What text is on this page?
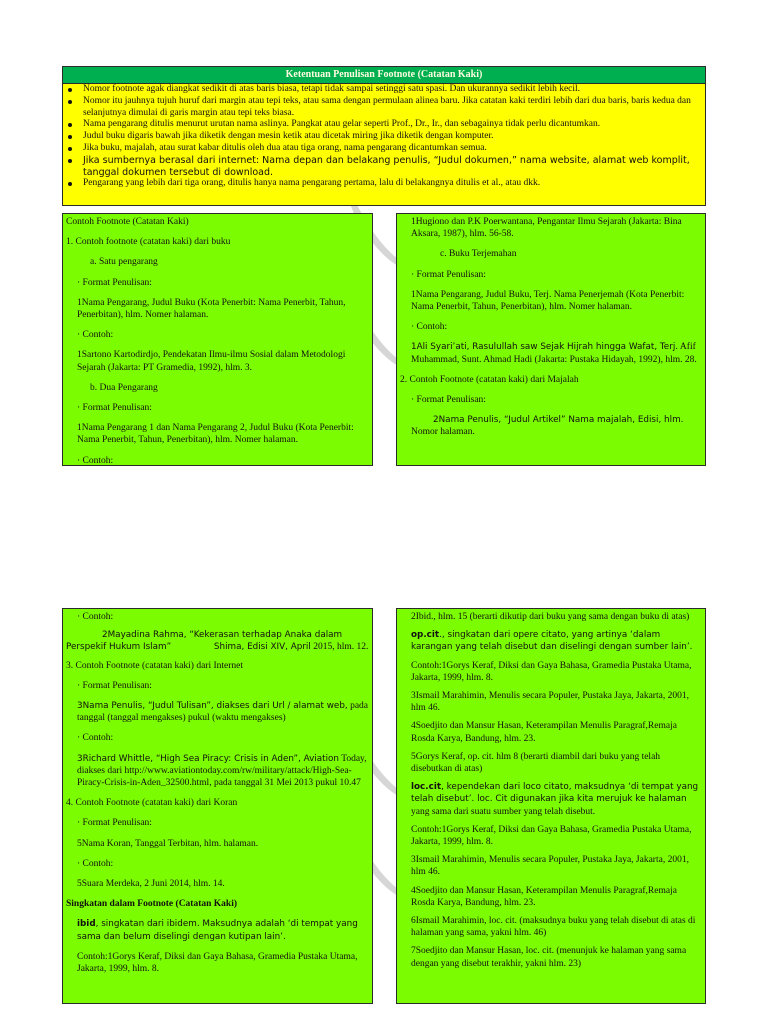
Ketentuan Penulisan Footnote (Catatan Kaki)
Nomor footnote agak diangkat sedikit di atas baris biasa, tetapi tidak sampai setinggi satu spasi. Dan ukurannya sedikit lebih kecil.
Nomor itu jauhnya tujuh huruf dari margin atau tepi teks, atau sama dengan permulaan alinea baru. Jika catatan kaki terdiri lebih dari dua baris, baris kedua dan selanjutnya dimulai di garis margin atau tepi teks biasa.
Nama pengarang ditulis menurut urutan nama aslinya. Pangkat atau gelar seperti Prof., Dr., Ir., dan sebagainya tidak perlu dicantumkan.
Judul buku digaris bawah jika diketik dengan mesin ketik atau dicetak miring jika diketik dengan komputer.
Jika buku, majalah, atau surat kabar ditulis oleh dua atau tiga orang, nama pengarang dicantumkan semua.
Jika sumbernya berasal dari internet: Nama depan dan belakang penulis, “Judul dokumen,” nama website, alamat web komplit, tanggal dokumen tersebut di download.
Pengarang yang lebih dari tiga orang, ditulis hanya nama pengarang pertama, lalu di belakangnya ditulis et al., atau dkk.

Contoh Footnote (Catatan Kaki)

1. Contoh footnote (catatan kaki) dari buku

a. Satu pengarang

· Format Penulisan:

1Nama Pengarang, Judul Buku (Kota Penerbit: Nama Penerbit, Tahun, Penerbitan), hlm. Nomer halaman.

· Contoh:

1Sartono Kartodirdjo, Pendekatan Ilmu-ilmu Sosial dalam Metodologi Sejarah (Jakarta: PT Gramedia, 1992), hlm. 3.

b. Dua Pengarang

· Format Penulisan:

1Nama Pengarang 1 dan Nama Pengarang 2, Judul Buku (Kota Penerbit: Nama Penerbit, Tahun, Penerbitan), hlm. Nomer halaman.

· Contoh:

1Hugiono dan P.K Poerwantana, Pengantar Ilmu Sejarah (Jakarta: Bina Aksara, 1987), hlm. 56-58.

c. Buku Terjemahan

· Format Penulisan:

1Nama Pengarang, Judul Buku, Terj. Nama Penerjemah (Kota Penerbit: Nama Penerbit, Tahun, Penerbitan), hlm. Nomer halaman.

· Contoh:

1Ali Syari’ati, Rasulullah saw Sejak Hijrah hingga Wafat, Terj. Afif Muhammad, Sunt. Ahmad Hadi (Jakarta: Pustaka Hidayah, 1992), hlm. 28.

2. Contoh Footnote (catatan kaki) dari Majalah

· Format Penulisan:

2Nama Penulis, “Judul Artikel” Nama majalah, Edisi, hlm. Nomor halaman.

· Contoh:

2Mayadina Rahma, “Kekerasan terhadap Anaka dalam Perspekif Hukum Islam”	Shima, Edisi XIV, April 2015, hlm. 12.

3. Contoh Footnote (catatan kaki) dari Internet

· Format Penulisan:

3Nama Penulis, “Judul Tulisan”, diakses dari Url / alamat web, pada tanggal (tanggal mengakses) pukul (waktu mengakses)

· Contoh:

3Richard Whittle, “High Sea Piracy: Crisis in Aden”, Aviation Today, diakses dari http://www.aviationtoday.com/rw/military/attack/High-Sea-Piracy-Crisis-in-Aden_32500.html, pada tanggal 31 Mei 2013 pukul 10.47

4. Contoh Footnote (catatan kaki) dari Koran

· Format Penulisan:

5Nama Koran, Tanggal Terbitan, hlm. halaman.

· Contoh:

5Suara Merdeka, 2 Juni 2014, hlm. 14.

Singkatan dalam Footnote (Catatan Kaki)

ibid, singkatan dari ibidem. Maksudnya adalah ‘di tempat yang sama dan belum diselingi dengan kutipan lain’.

Contoh:1Gorys Keraf, Diksi dan Gaya Bahasa, Gramedia Pustaka Utama, Jakarta, 1999, hlm. 8.

2Ibid., hlm. 15 (berarti dikutip dari buku yang sama dengan buku di atas)

op.cit., singkatan dari opere citato, yang artinya ‘dalam karangan yang telah disebut dan diselingi dengan sumber lain’.

Contoh:1Gorys Keraf, Diksi dan Gaya Bahasa, Gramedia Pustaka Utama, Jakarta, 1999, hlm. 8.

3Ismail Marahimin, Menulis secara Populer, Pustaka Jaya, Jakarta, 2001, hlm 46.

4Soedjito dan Mansur Hasan, Keterampilan Menulis Paragraf,Remaja Rosda Karya, Bandung, hlm. 23.

5Gorys Keraf, op. cit. hlm 8 (berarti diambil dari buku yang telah disebutkan di atas)

loc.cit, kependekan dari loco citato, maksudnya ‘di tempat yang telah disebut’. loc. Cit digunakan jika kita merujuk ke halaman yang sama dari suatu sumber yang telah disebut.

Contoh:1Gorys Keraf, Diksi dan Gaya Bahasa, Gramedia Pustaka Utama, Jakarta, 1999, hlm. 8.

3Ismail Marahimin, Menulis secara Populer, Pustaka Jaya, Jakarta, 2001, hlm 46.

4Soedjito dan Mansur Hasan, Keterampilan Menulis Paragraf,Remaja Rosda Karya, Bandung, hlm. 23.

6Ismail Marahimin, loc. cit. (maksudnya buku yang telah disebut di atas di halaman yang sama, yakni hlm. 46)

7Soedjito dan Mansur Hasan, loc. cit. (menunjuk ke halaman yang sama dengan yang disebut terakhir, yakni hlm. 23)
